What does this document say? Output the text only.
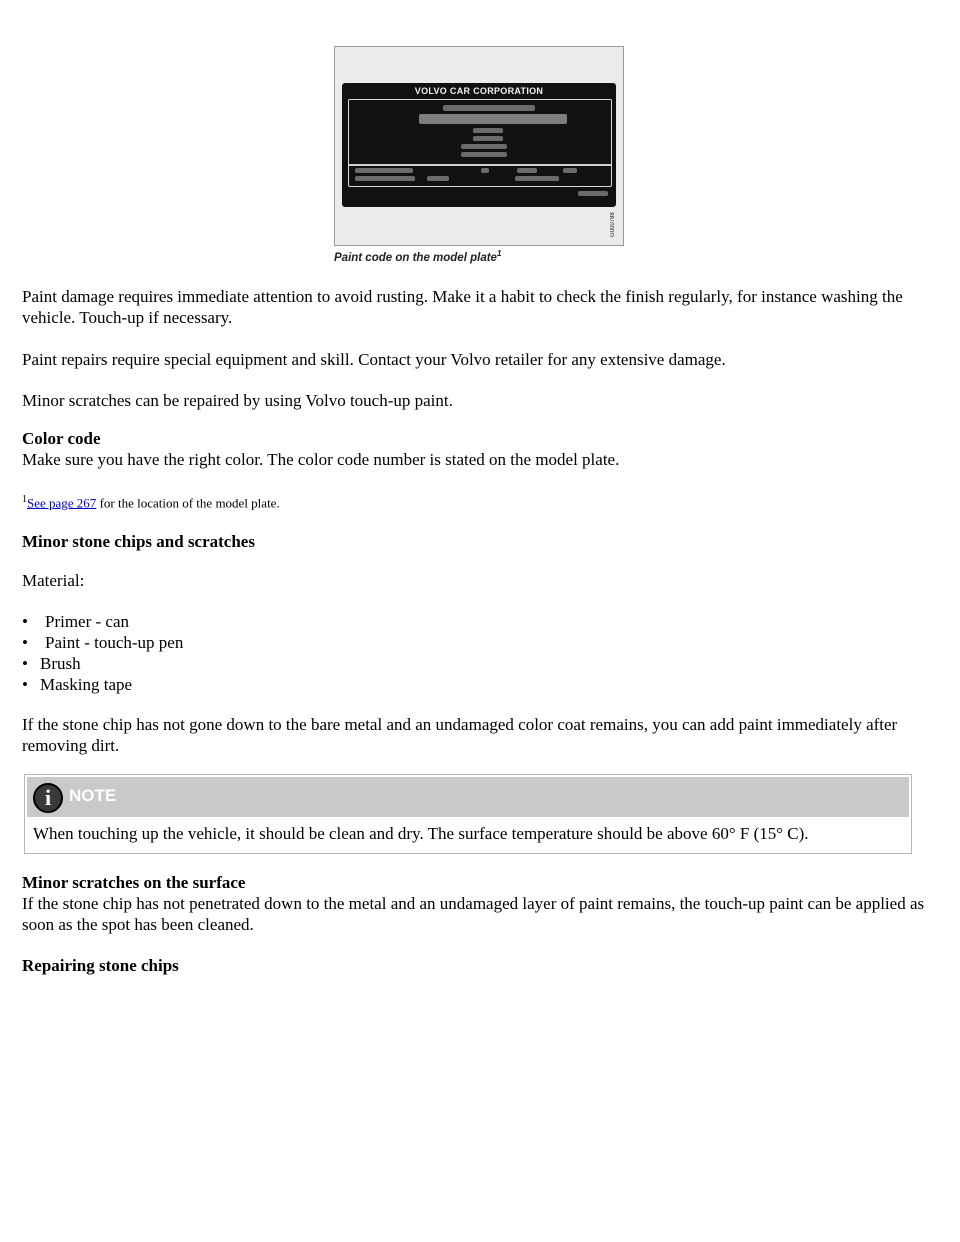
VOLVO CAR CORPORATION
G000788
Paint code on the model plate$^1$

Paint damage requires immediate attention to avoid rusting. Make it a habit to check the finish regularly, for instance washing the vehicle. Touch-up if necessary.

Paint repairs require special equipment and skill. Contact your Volvo retailer for any extensive damage.

Minor scratches can be repaired by using Volvo touch-up paint.

Color code

Make sure you have the right color. The color code number is stated on the model plate.

$^1$See page 267 for the location of the model plate.

Minor stone chips and scratches

Material:

• Primer - can
• Paint - touch-up pen
• Brush
• Masking tape

If the stone chip has not gone down to the bare metal and an undamaged color coat remains, you can add paint immediately after removing dirt.

i
NOTE

When touching up the vehicle, it should be clean and dry. The surface temperature should be above 60° F (15° C).

Minor scratches on the surface

If the stone chip has not penetrated down to the metal and an undamaged layer of paint remains, the touch-up paint can be applied as soon as the spot has been cleaned.

Repairing stone chips
